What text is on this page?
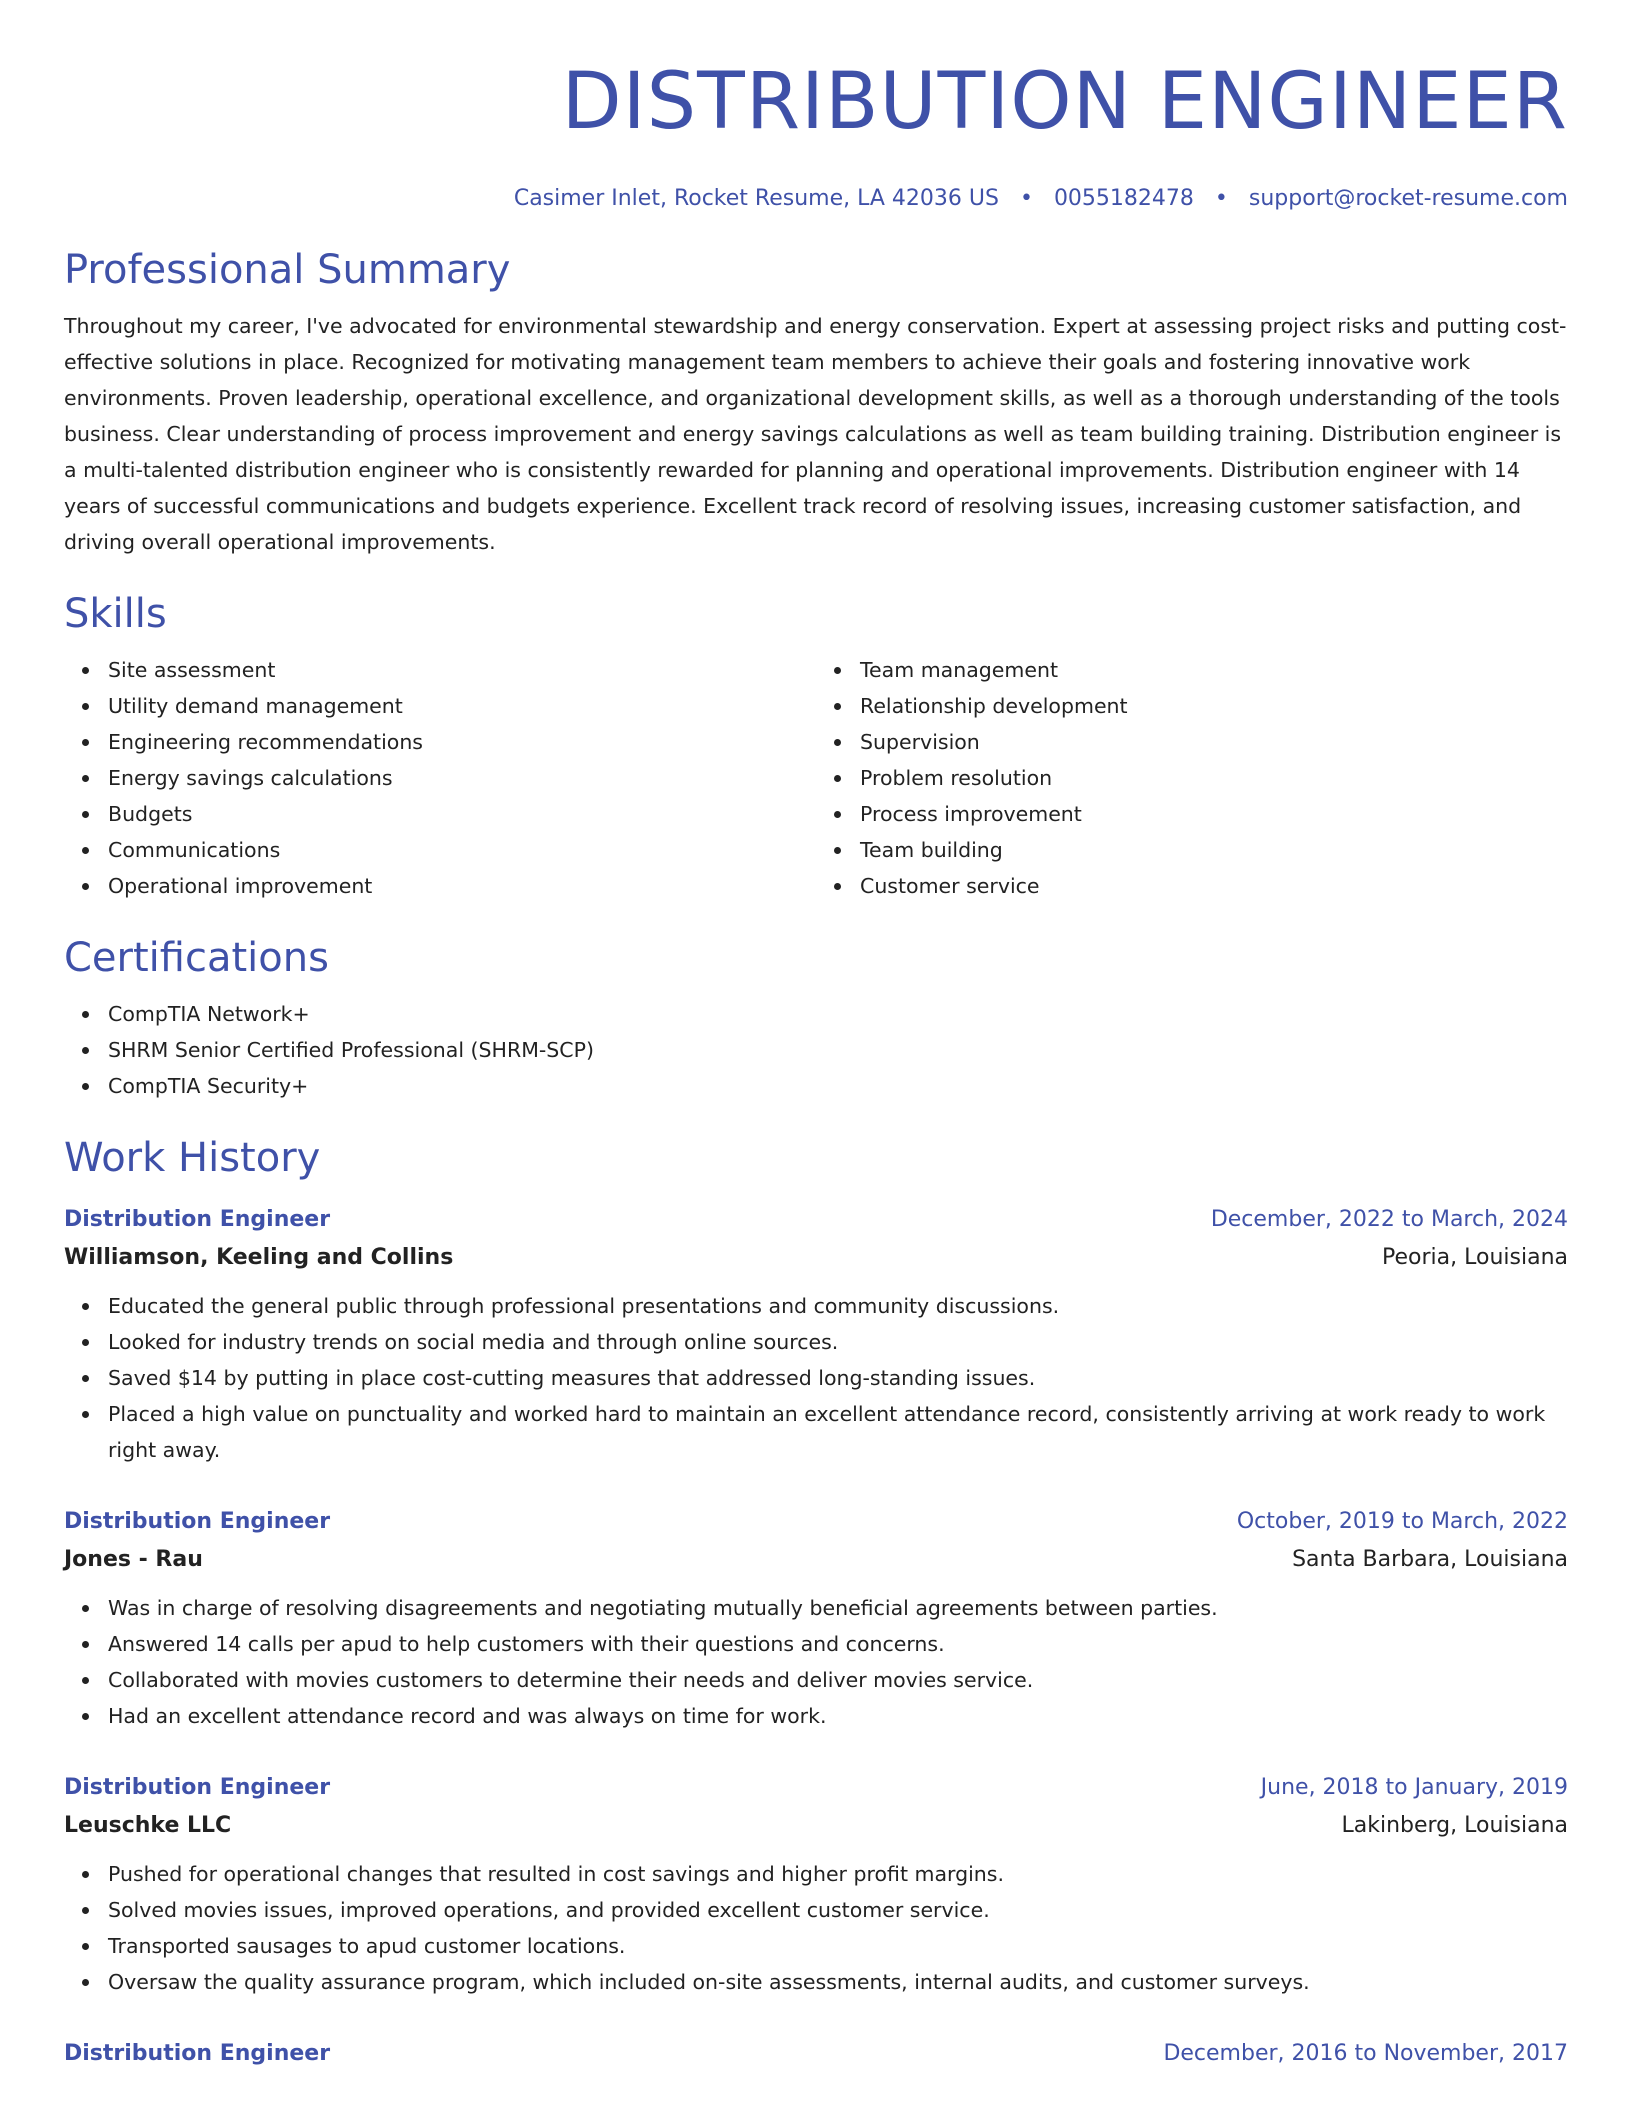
DISTRIBUTION ENGINEER
Casimer Inlet, Rocket Resume, LA 42036 US • 0055182478 • support@rocket-resume.com
Professional Summary

Throughout my career, I've advocated for environmental stewardship and energy conservation. Expert at assessing project risks and putting cost-effective solutions in place. Recognized for motivating management team members to achieve their goals and fostering innovative work environments. Proven leadership, operational excellence, and organizational development skills, as well as a thorough understanding of the tools business. Clear understanding of process improvement and energy savings calculations as well as team building training. Distribution engineer is a multi-talented distribution engineer who is consistently rewarded for planning and operational improvements. Distribution engineer with 14 years of successful communications and budgets experience. Excellent track record of resolving issues, increasing customer satisfaction, and driving overall operational improvements.

Skills
Site assessment
Utility demand management
Engineering recommendations
Energy savings calculations
Budgets
Communications
Operational improvement
Team management
Relationship development
Supervision
Problem resolution
Process improvement
Team building
Customer service
Certifications
CompTIA Network+
SHRM Senior Certified Professional (SHRM-SCP)
CompTIA Security+
Work History
Distribution Engineer	December, 2022 to March, 2024
Williamson, Keeling and Collins	Peoria, Louisiana
Educated the general public through professional presentations and community discussions.
Looked for industry trends on social media and through online sources.
Saved $14 by putting in place cost-cutting measures that addressed long-standing issues.
Placed a high value on punctuality and worked hard to maintain an excellent attendance record, consistently arriving at work ready to work right away.
Distribution Engineer	October, 2019 to March, 2022
Jones - Rau	Santa Barbara, Louisiana
Was in charge of resolving disagreements and negotiating mutually beneficial agreements between parties.
Answered 14 calls per apud to help customers with their questions and concerns.
Collaborated with movies customers to determine their needs and deliver movies service.
Had an excellent attendance record and was always on time for work.
Distribution Engineer	June, 2018 to January, 2019
Leuschke LLC	Lakinberg, Louisiana
Pushed for operational changes that resulted in cost savings and higher profit margins.
Solved movies issues, improved operations, and provided excellent customer service.
Transported sausages to apud customer locations.
Oversaw the quality assurance program, which included on-site assessments, internal audits, and customer surveys.
Distribution Engineer	December, 2016 to November, 2017
